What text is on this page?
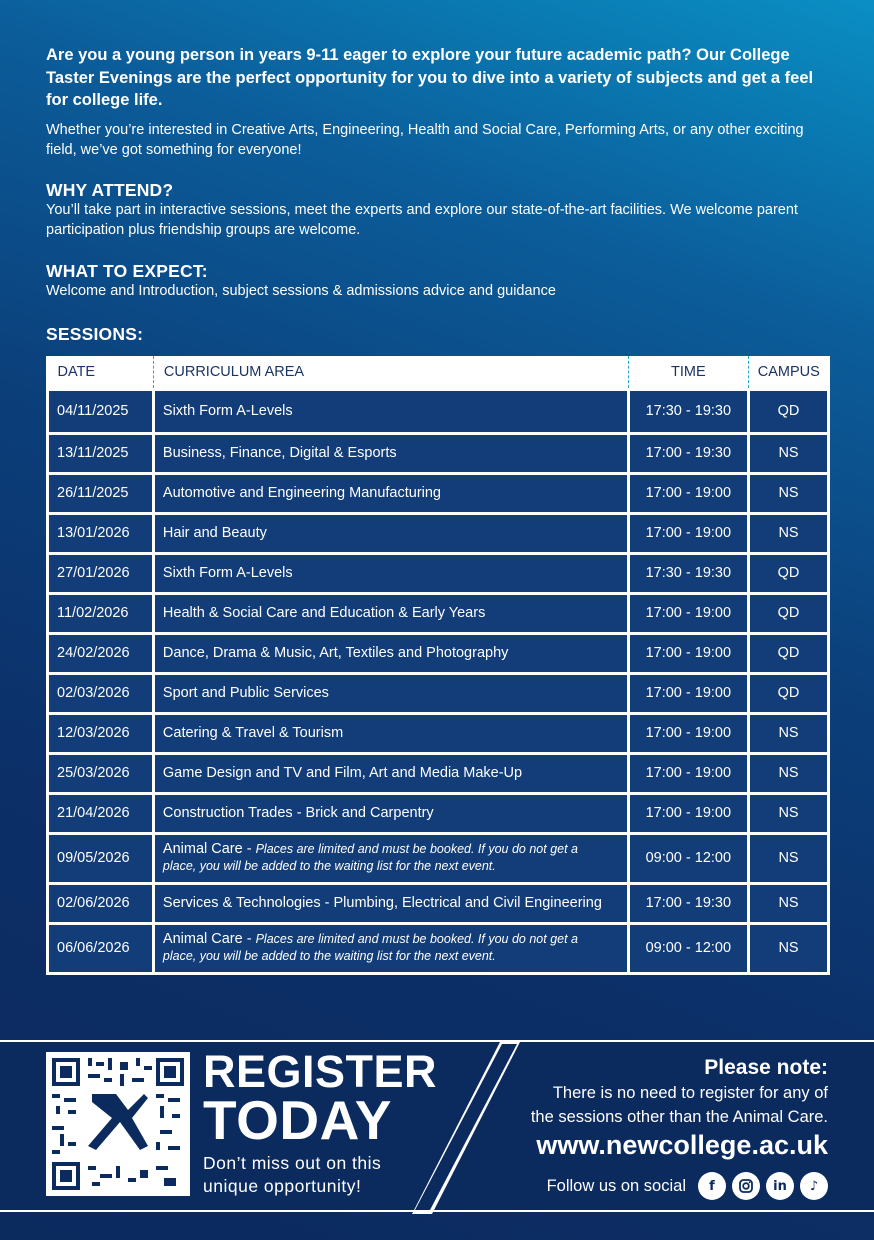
Are you a young person in years 9-11 eager to explore your future academic path? Our College Taster Evenings are the perfect opportunity for you to dive into a variety of subjects and get a feel for college life.

Whether you’re interested in Creative Arts, Engineering, Health and Social Care, Performing Arts, or any other exciting field, we’ve got something for everyone!

WHY ATTEND?

You’ll take part in interactive sessions, meet the experts and explore our state-of-the-art facilities. We welcome parent participation plus friendship groups are welcome.

WHAT TO EXPECT:

Welcome and Introduction, subject sessions & admissions advice and guidance

SESSIONS:
DATE	CURRICULUM AREA	TIME	CAMPUS
04/11/2025	Sixth Form A-Levels	17:30 - 19:30	QD
13/11/2025	Business, Finance, Digital & Esports	17:00 - 19:30	NS
26/11/2025	Automotive and Engineering Manufacturing	17:00 - 19:00	NS
13/01/2026	Hair and Beauty	17:00 - 19:00	NS
27/01/2026	Sixth Form A-Levels	17:30 - 19:30	QD
11/02/2026	Health & Social Care and Education & Early Years	17:00 - 19:00	QD
24/02/2026	Dance, Drama & Music, Art, Textiles and Photography	17:00 - 19:00	QD
02/03/2026	Sport and Public Services	17:00 - 19:00	QD
12/03/2026	Catering & Travel & Tourism	17:00 - 19:00	NS
25/03/2026	Game Design and TV and Film, Art and Media Make-Up	17:00 - 19:00	NS
21/04/2026	Construction Trades - Brick and Carpentry	17:00 - 19:00	NS
09/05/2026	Animal Care - Places are limited and must be booked. If you do not get a place, you will be added to the waiting list for the next event.	09:00 - 12:00	NS
02/06/2026	Services & Technologies - Plumbing, Electrical and Civil Engineering	17:00 - 19:30	NS
06/06/2026	Animal Care - Places are limited and must be booked. If you do not get a place, you will be added to the waiting list for the next event.	09:00 - 12:00	NS
REGISTER
TODAY
Don’t miss out on this
unique opportunity!
Please note:
There is no need to register for any of
the sessions other than the Animal Care.
www.newcollege.ac.uk
Follow us on social	f	in	♪
